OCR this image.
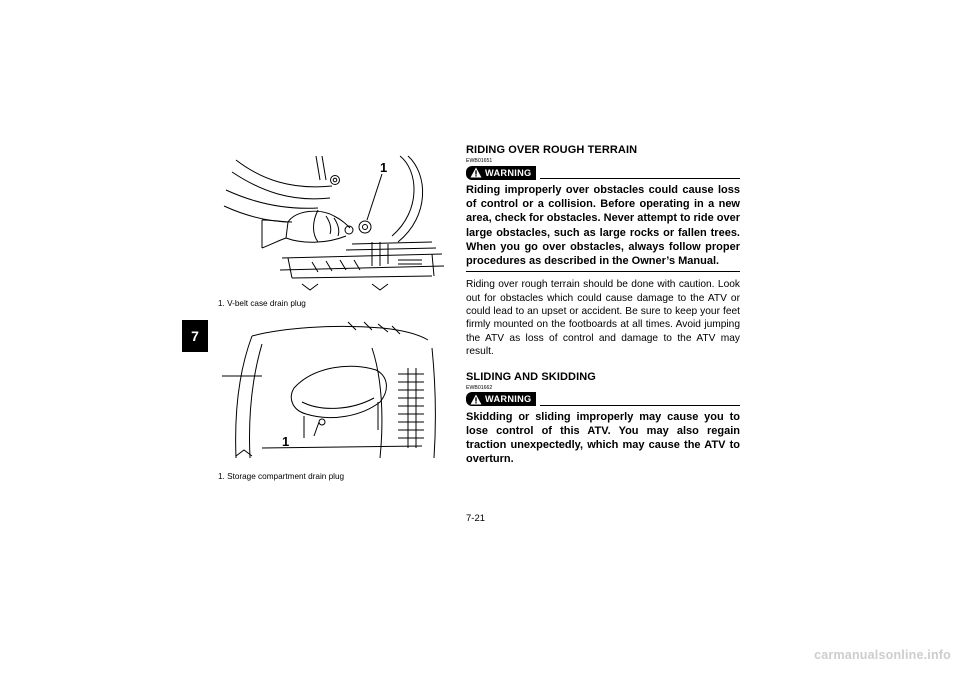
7
1
1. V-belt case drain plug
1
1. Storage compartment drain plug
RIDING OVER ROUGH TERRAIN
EWB01651
WARNING
Riding improperly over obstacles could cause loss of control or a collision. Before operating in a new area, check for obstacles. Never attempt to ride over large obstacles, such as large rocks or fallen trees. When you go over obstacles, always follow proper procedures as described in the Owner’s Manual.
Riding over rough terrain should be done with caution. Look out for obstacles which could cause damage to the ATV or could lead to an upset or accident. Be sure to keep your feet firmly mounted on the footboards at all times. Avoid jumping the ATV as loss of control and damage to the ATV may result.
SLIDING AND SKIDDING
EWB01662
WARNING
Skidding or sliding improperly may cause you to lose control of this ATV. You may also regain traction unexpectedly, which may cause the ATV to overturn.
7-21
carmanualsonline.info
